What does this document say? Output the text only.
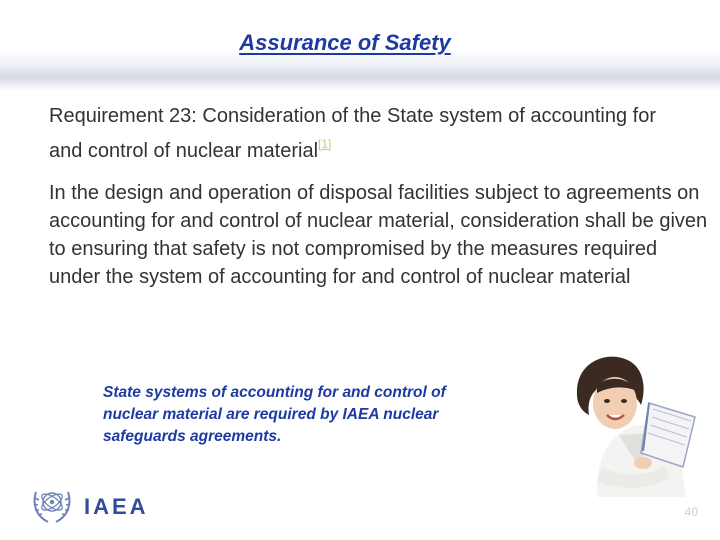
Assurance of Safety
Requirement 23: Consideration of the State system of accounting for and control of nuclear material[1]
In the design and operation of disposal facilities subject to agreements on accounting for and control of nuclear material, consideration shall be given to ensuring that safety is not compromised by the measures required under the system of accounting for and control of nuclear material
State systems of accounting for and control of nuclear material are required by IAEA nuclear safeguards agreements.
IAEA	40
